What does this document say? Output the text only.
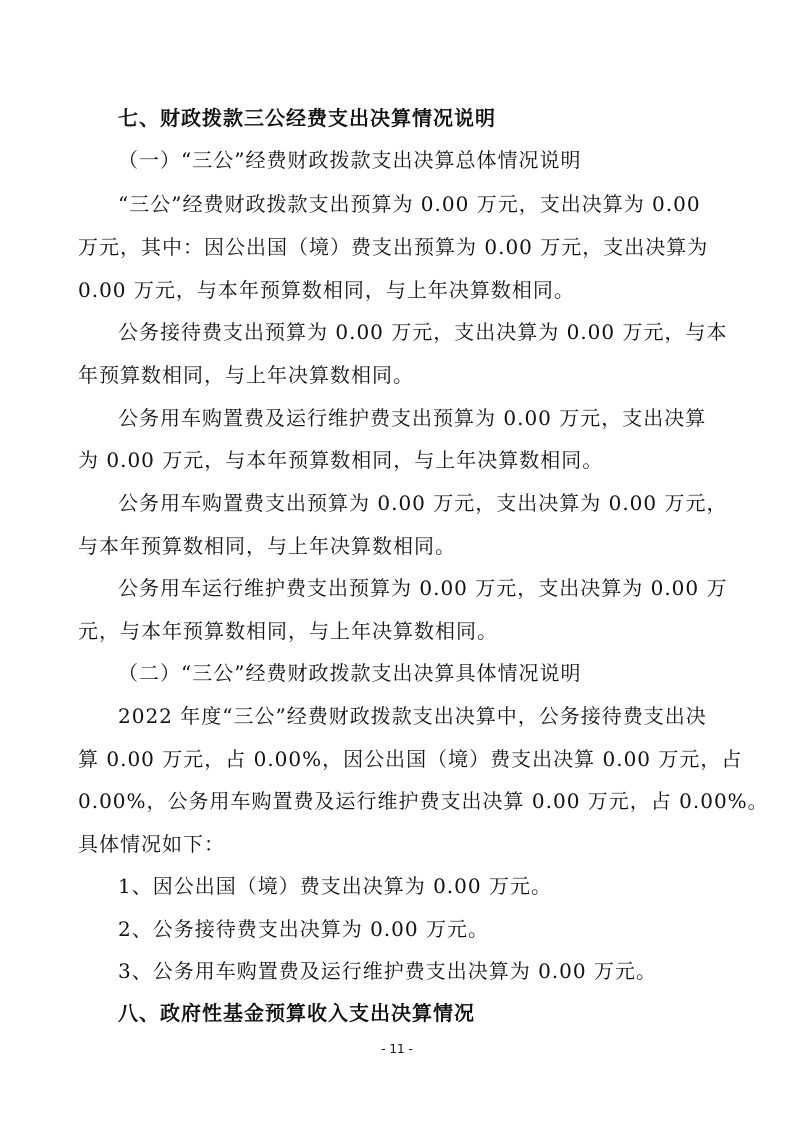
七、财政拨款三公经费支出决算情况说明
（一）“三公”经费财政拨款支出决算总体情况说明
“三公”经费财政拨款支出预算为 0.00 万元，支出决算为 0.00
万元，其中：因公出国（境）费支出预算为 0.00 万元，支出决算为
0.00 万元，与本年预算数相同，与上年决算数相同。
公务接待费支出预算为 0.00 万元，支出决算为 0.00 万元，与本
年预算数相同，与上年决算数相同。
公务用车购置费及运行维护费支出预算为 0.00 万元，支出决算
为 0.00 万元，与本年预算数相同，与上年决算数相同。
公务用车购置费支出预算为 0.00 万元，支出决算为 0.00 万元，
与本年预算数相同，与上年决算数相同。
公务用车运行维护费支出预算为 0.00 万元，支出决算为 0.00 万
元，与本年预算数相同，与上年决算数相同。
（二）“三公”经费财政拨款支出决算具体情况说明
2022 年度“三公”经费财政拨款支出决算中，公务接待费支出决
算 0.00 万元，占 0.00%，因公出国（境）费支出决算 0.00 万元，占
0.00%，公务用车购置费及运行维护费支出决算 0.00 万元，占 0.00%。
具体情况如下：
1、因公出国（境）费支出决算为 0.00 万元。
2、公务接待费支出决算为 0.00 万元。
3、公务用车购置费及运行维护费支出决算为 0.00 万元。
八、政府性基金预算收入支出决算情况
- 11 -
